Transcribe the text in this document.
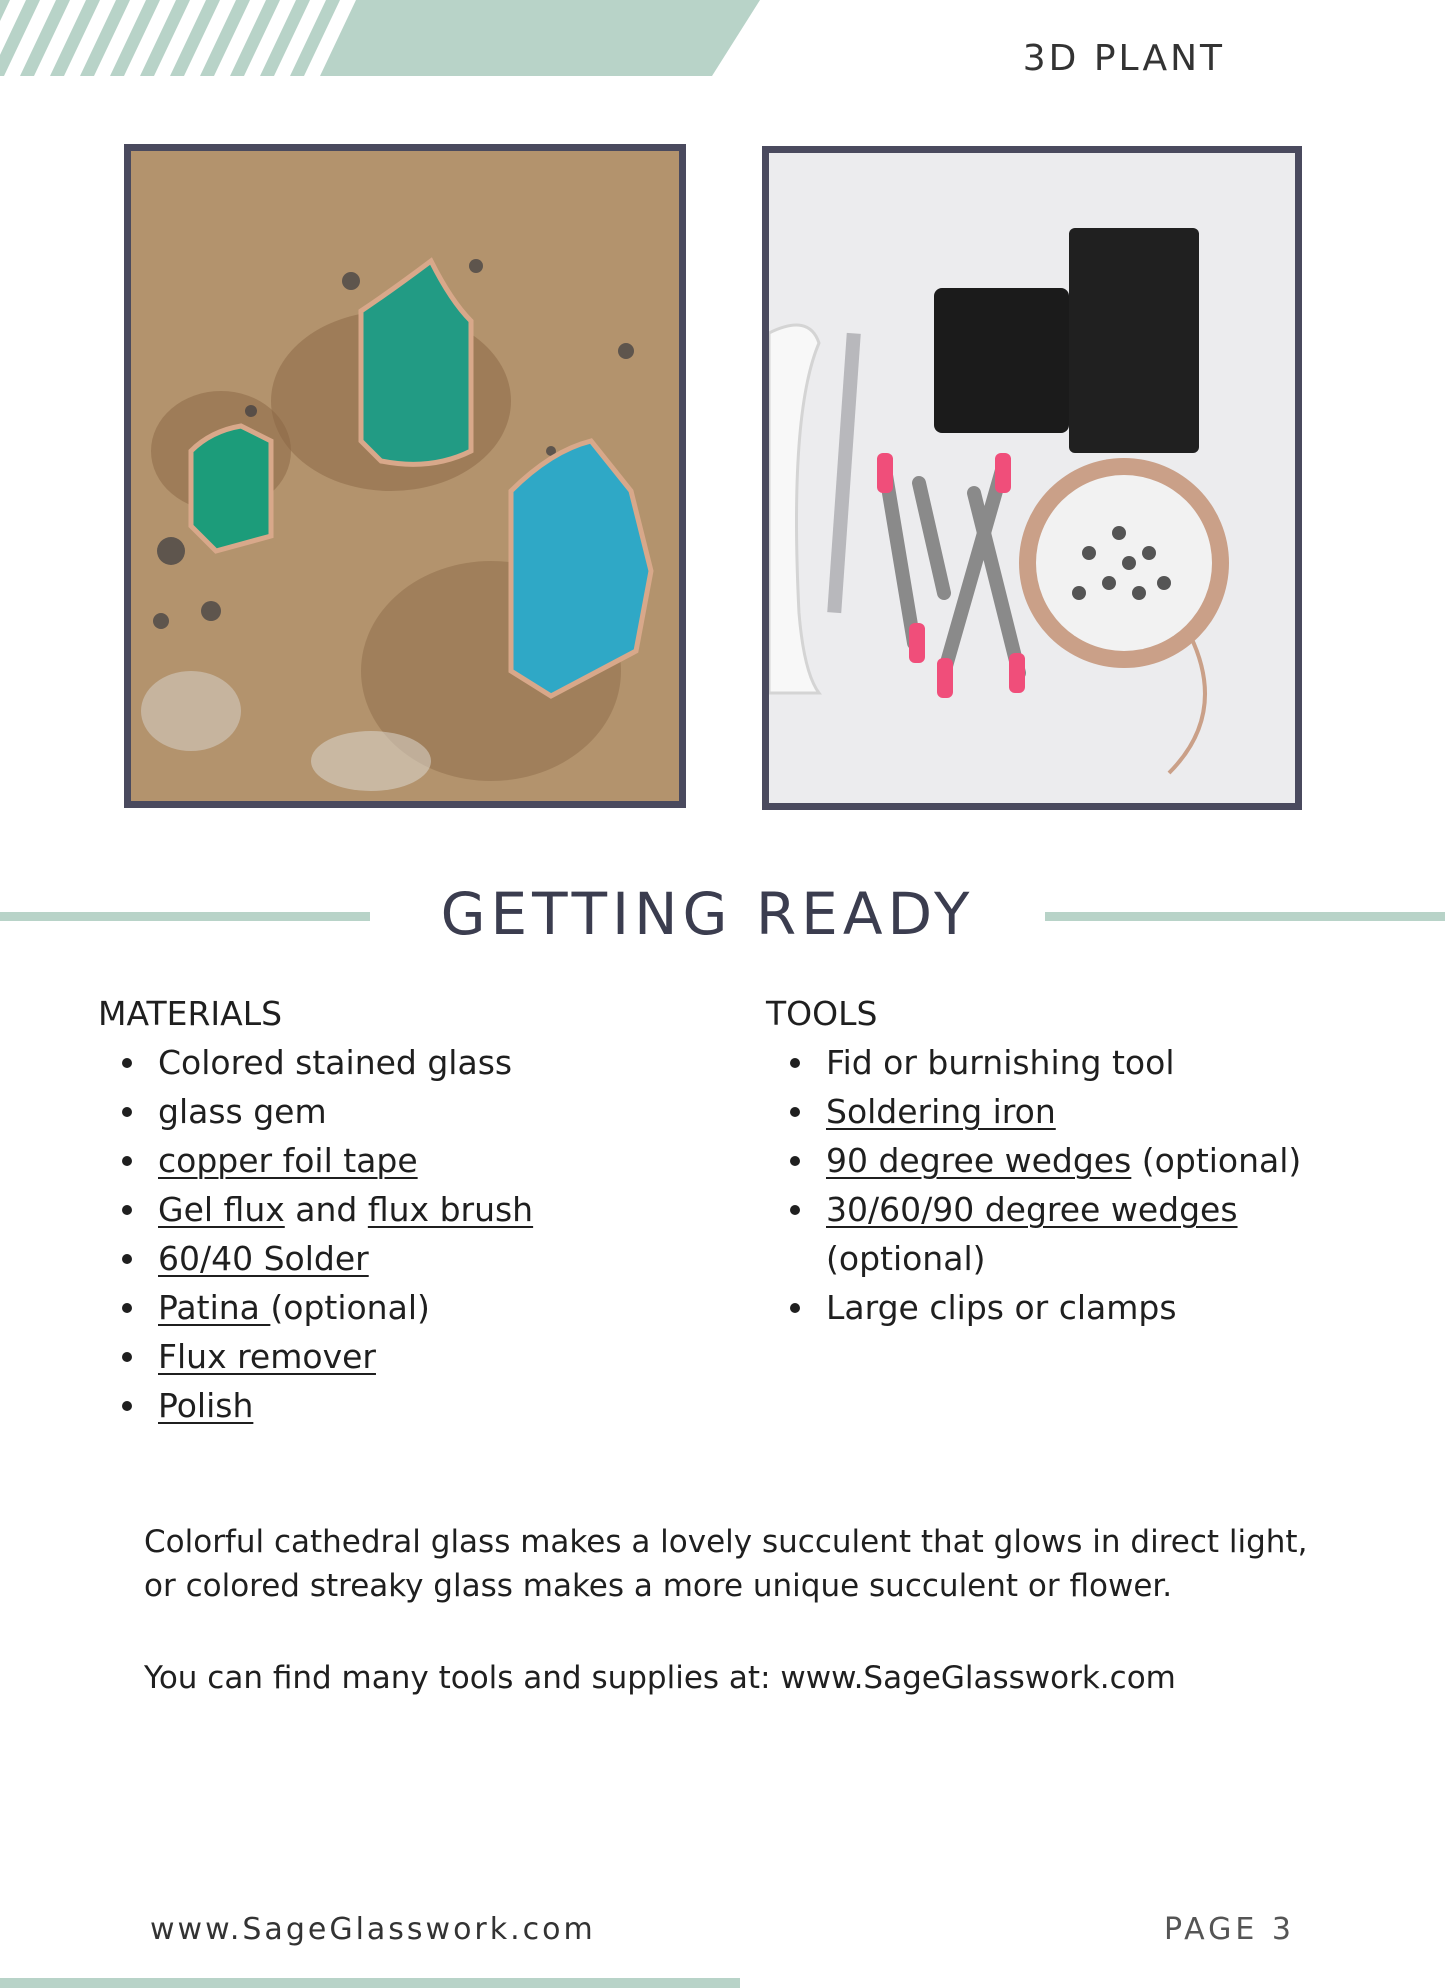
3D PLANT
GETTING READY
MATERIALS
Colored stained glass
glass gem
copper foil tape
Gel flux and flux brush
60/40 Solder
Patina (optional)
Flux remover
Polish
TOOLS
Fid or burnishing tool
Soldering iron
90 degree wedges (optional)
30/60/90 degree wedges (optional)
Large clips or clamps
Colorful cathedral glass makes a lovely succulent that glows in direct light, or colored streaky glass makes a more unique succulent or flower.
You can find many tools and supplies at: www.SageGlasswork.com
www.SageGlasswork.com	PAGE 3
